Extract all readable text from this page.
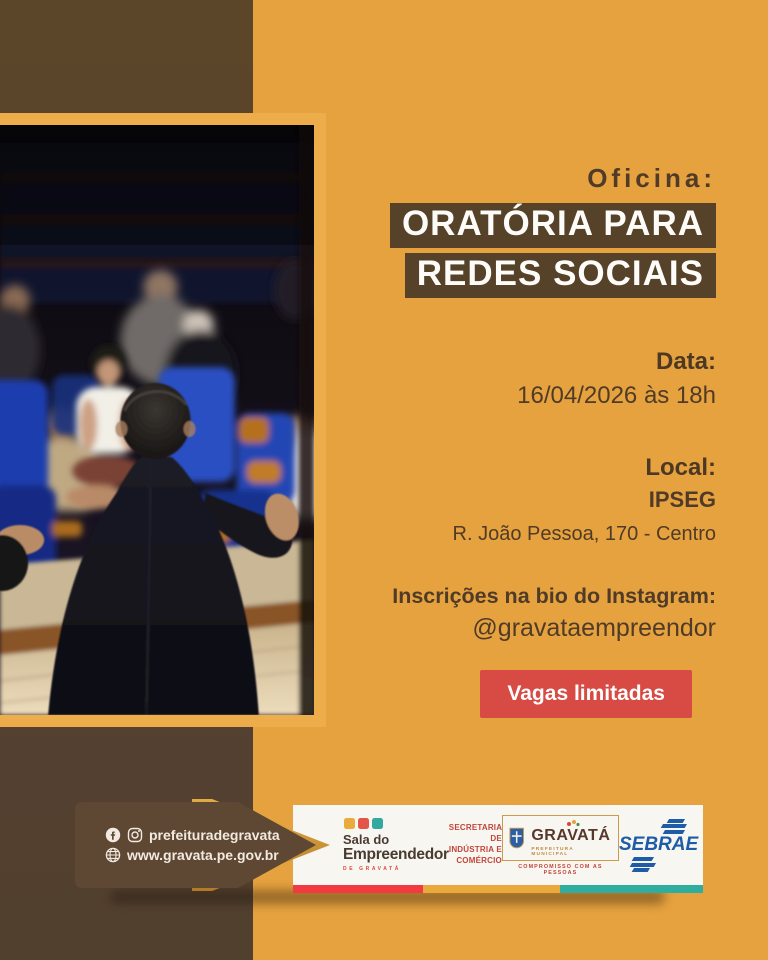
Oficina:
ORATÓRIA PARA
REDES SOCIAIS
Data:
16/04/2026 às 18h
Local:
IPSEG
R. João Pessoa, 170 - Centro
Inscrições na bio do Instagram:
@gravataempreendor
Vagas limitadas
Sala do
Empreendedor
DE GRAVATÁ
SECRETARIA DE
INDÚSTRIA E
COMÉRCIO
GRAVATÁ
PREFEITURA MUNICIPAL
COMPROMISSO COM AS PESSOAS
SEBRAE
prefeituradegravata
www.gravata.pe.gov.br
